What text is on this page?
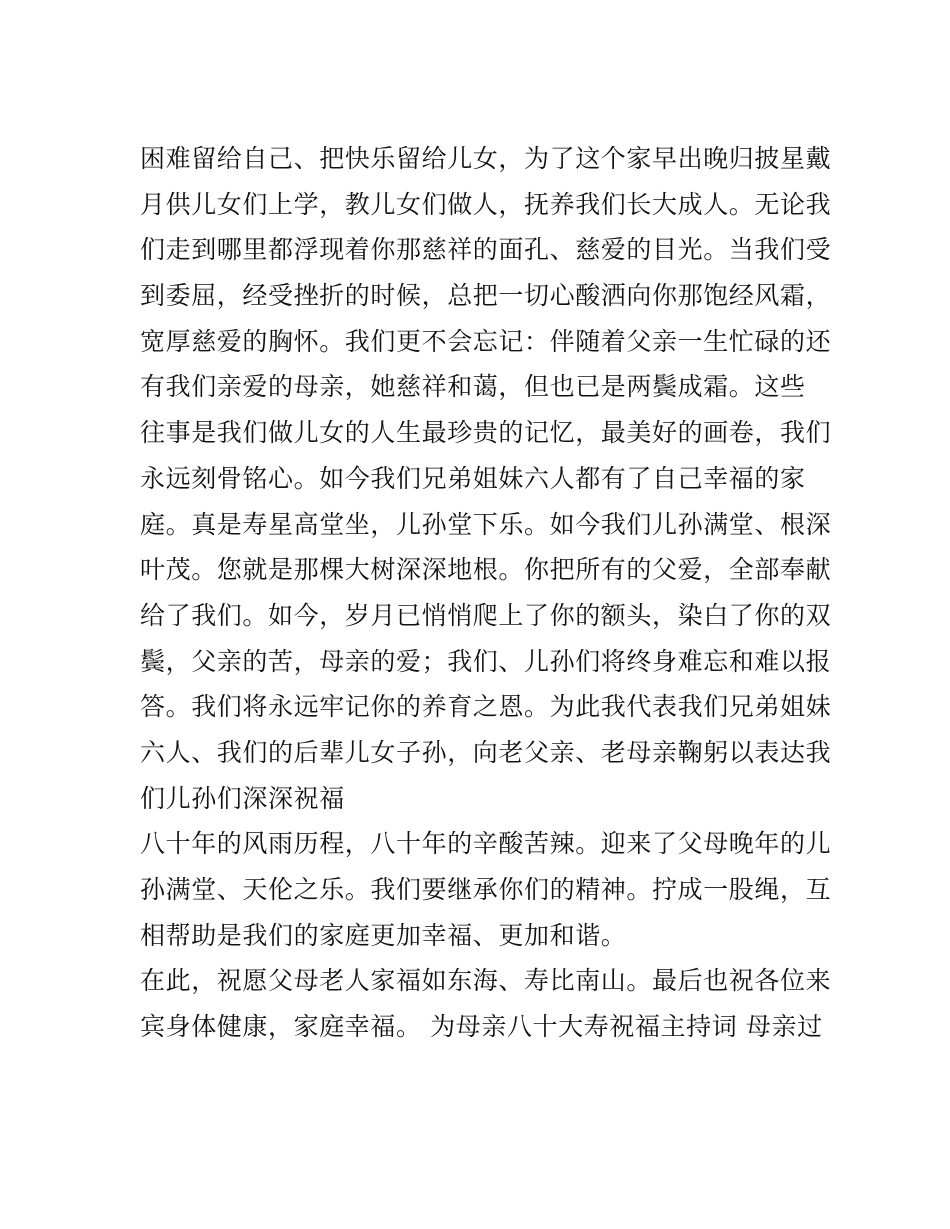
困难留给自己、把快乐留给儿女，为了这个家早出晚归披星戴
月供儿女们上学，教儿女们做人，抚养我们长大成人。无论我
们走到哪里都浮现着你那慈祥的面孔、慈爱的目光。当我们受
到委屈，经受挫折的时候，总把一切心酸洒向你那饱经风霜，
宽厚慈爱的胸怀。我们更不会忘记：伴随着父亲一生忙碌的还
有我们亲爱的母亲，她慈祥和蔼，但也已是两鬓成霜。这些
往事是我们做儿女的人生最珍贵的记忆，最美好的画卷，我们
永远刻骨铭心。如今我们兄弟姐妹六人都有了自己幸福的家
庭。真是寿星高堂坐，儿孙堂下乐。如今我们儿孙满堂、根深
叶茂。您就是那棵大树深深地根。你把所有的父爱，全部奉献
给了我们。如今，岁月已悄悄爬上了你的额头，染白了你的双
鬓，父亲的苦，母亲的爱；我们、儿孙们将终身难忘和难以报
答。我们将永远牢记你的养育之恩。为此我代表我们兄弟姐妹
六人、我们的后辈儿女子孙，向老父亲、老母亲鞠躬以表达我
们儿孙们深深祝福
八十年的风雨历程，八十年的辛酸苦辣。迎来了父母晚年的儿
孙满堂、天伦之乐。我们要继承你们的精神。拧成一股绳，互
相帮助是我们的家庭更加幸福、更加和谐。
在此，祝愿父母老人家福如东海、寿比南山。最后也祝各位来
宾身体健康，家庭幸福。 为母亲八十大寿祝福主持词 母亲过
